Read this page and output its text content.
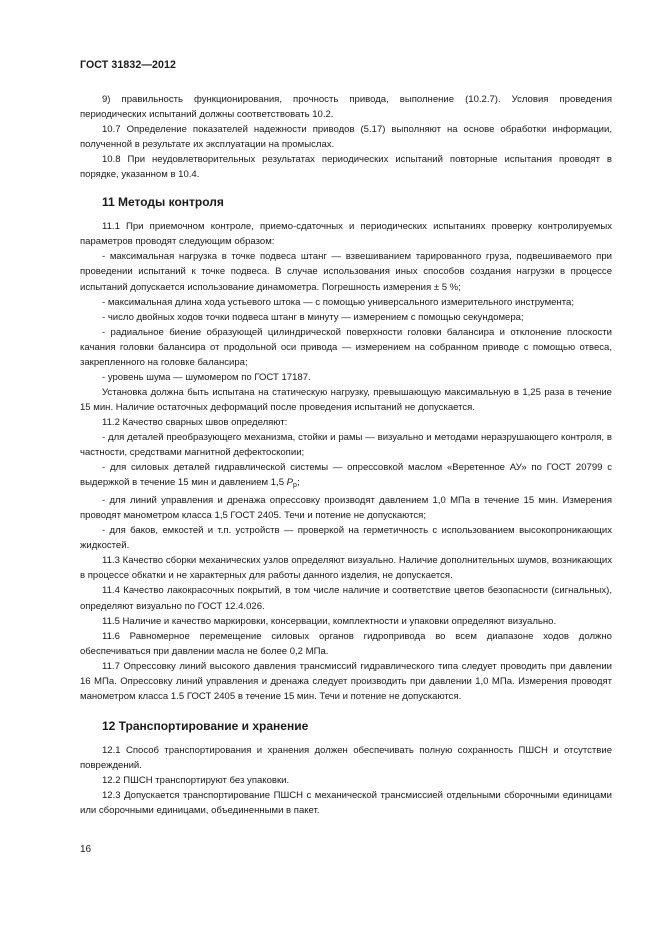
ГОСТ 31832—2012

9) правильность функционирования, прочность привода, выполнение (10.2.7). Условия проведения периодических испытаний должны соответствовать 10.2.

10.7 Определение показателей надежности приводов (5.17) выполняют на основе обработки информации, полученной в результате их эксплуатации на промыслах.

10.8 При неудовлетворительных результатах периодических испытаний повторные испытания проводят в порядке, указанном в 10.4.

11 Методы контроля

11.1 При приемочном контроле, приемо-сдаточных и периодических испытаниях проверку контролируемых параметров проводят следующим образом:

- максимальная нагрузка в точке подвеса штанг — взвешиванием тарированного груза, подвешиваемого при проведении испытаний к точке подвеса. В случае использования иных способов создания нагрузки в процессе испытаний допускается использование динамометра. Погрешность измерения ± 5 %;

- максимальная длина хода устьевого штока — с помощью универсального измерительного инструмента;

- число двойных ходов точки подвеса штанг в минуту — измерением с помощью секундомера;

- радиальное биение образующей цилиндрической поверхности головки балансира и отклонение плоскости качания головки балансира от продольной оси привода — измерением на собранном приводе с помощью отвеса, закрепленного на головке балансира;

- уровень шума — шумомером по ГОСТ 17187.

Установка должна быть испытана на статическую нагрузку, превышающую максимальную в 1,25 раза в течение 15 мин. Наличие остаточных деформаций после проведения испытаний не допускается.

11.2 Качество сварных швов определяют:

- для деталей преобразующего механизма, стойки и рамы — визуально и методами неразрушающего контроля, в частности, средствами магнитной дефектоскопии;

- для силовых деталей гидравлической системы — опрессовкой маслом «Веретенное АУ» по ГОСТ 20799 с выдержкой в течение 15 мин и давлением 1,5 $P_р$;

- для линий управления и дренажа опрессовку производят давлением 1,0 МПа в течение 15 мин. Измерения проводят манометром класса 1,5 ГОСТ 2405. Течи и потение не допускаются;

- для баков, емкостей и т.п. устройств — проверкой на герметичность с использованием высокопроникающих жидкостей.

11.3 Качество сборки механических узлов определяют визуально. Наличие дополнительных шумов, возникающих в процессе обкатки и не характерных для работы данного изделия, не допускается.

11.4 Качество лакокрасочных покрытий, в том числе наличие и соответствие цветов безопасности (сигнальных), определяют визуально по ГОСТ 12.4.026.

11.5 Наличие и качество маркировки, консервации, комплектности и упаковки определяют визуально.

11.6 Равномерное перемещение силовых органов гидропривода во всем диапазоне ходов должно обеспечиваться при давлении масла не более 0,2 МПа.

11.7 Опрессовку линий высокого давления трансмиссий гидравлического типа следует проводить при давлении 16 МПа. Опрессовку линий управления и дренажа следует производить при давлении 1,0 МПа. Измерения проводят манометром класса 1.5 ГОСТ 2405 в течение 15 мин. Течи и потение не допускаются.

12 Транспортирование и хранение

12.1 Способ транспортирования и хранения должен обеспечивать полную сохранность ПШСН и отсутствие повреждений.

12.2 ПШСН транспортируют без упаковки.

12.3 Допускается транспортирование ПШСН с механической трансмиссией отдельными сборочными единицами или сборочными единицами, объединенными в пакет.

16
